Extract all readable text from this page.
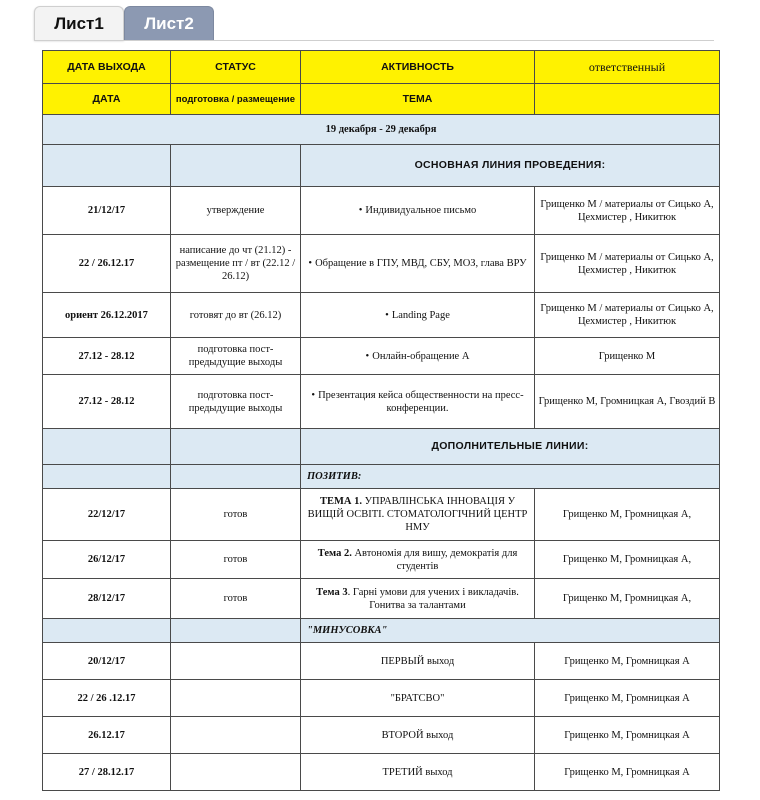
Лист1	Лист2
ДАТА ВЫХОДА	СТАТУС	АКТИВНОСТЬ	ответственный
ДАТА	подготовка / размещение	ТЕМА	
19 декабря - 29 декабря			
		ОСНОВНАЯ ЛИНИЯ ПРОВЕДЕНИЯ:	
21/12/17	утверждение	• Индивидуальное письмо	Грищенко М / материалы от Сицько А, Цехмистер , Никитюк
22 / 26.12.17	написание до чт (21.12) - размещение пт / вт (22.12 / 26.12)	• Обращение в ГПУ, МВД, СБУ, МОЗ, глава ВРУ	Грищенко М / материалы от Сицько А, Цехмистер , Никитюк
ориент 26.12.2017	готовят до вт (26.12)	• Landing Page	Грищенко М / материалы от Сицько А, Цехмистер , Никитюк
27.12 - 28.12	подготовка пост- предыдущие выходы	• Онлайн-обращение А	Грищенко М
27.12 - 28.12	подготовка пост- предыдущие выходы	• Презентация кейса общественности на пресс-конференции.	Грищенко М, Громницкая А, Гвоздий В
		ДОПОЛНИТЕЛЬНЫЕ ЛИНИИ:	
		ПОЗИТИВ:	
22/12/17	готов	ТЕМА 1. УПРАВЛІНСЬКА ІННОВАЦІЯ У ВИЩІЙ ОСВІТІ. СТОМАТОЛОГІЧНИЙ ЦЕНТР НМУ	Грищенко М, Громницкая А,
26/12/17	готов	Тема 2. Автономія для вишу, демократія для студентів	Грищенко М, Громницкая А,
28/12/17	готов	Тема 3. Гарні умови для учених і викладачів. Гонитва за талантами	Грищенко М, Громницкая А,
		"МИНУСОВКА"	
20/12/17		ПЕРВЫЙ выход	Грищенко М, Громницкая А
22 / 26 .12.17		"БРАТСВО"	Грищенко М, Громницкая А
26.12.17		ВТОРОЙ выход	Грищенко М, Громницкая А
27 / 28.12.17		ТРЕТИЙ выход	Грищенко М, Громницкая А
